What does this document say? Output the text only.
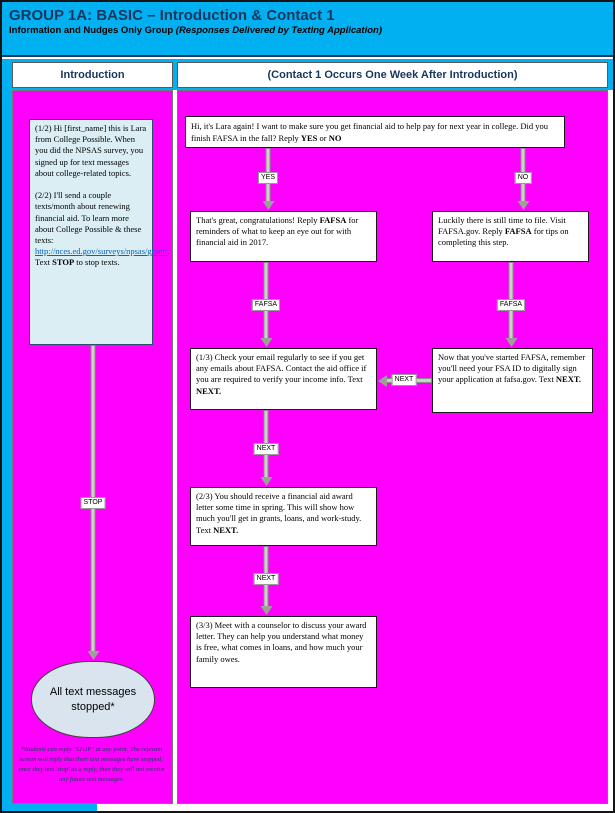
GROUP 1A: BASIC – Introduction & Contact 1
Information and Nudges Only Group (Responses Delivered by Texting Application)
Introduction	(Contact 1 Occurs One Week After Introduction)

(1/2) Hi [first_name] this is Lara from College Possible. When you did the NPSAS survey, you signed up for text messages about college-related topics.

(2/2) I'll send a couple texts/month about renewing financial aid. To learn more about College Possible & these texts: http://nces.ed.gov/surveys/npsas/grant/. Text STOP to stop texts.

STOP
All text messages stopped*
*Students can reply "STOP" at any point. The relevant screen will reply that their text messages have stopped; once they text 'stop' as a reply, then they will not receive any future text messages.
Hi, it's Lara again! I want to make sure you get financial aid to help pay for next year in college. Did you finish FAFSA in the fall? Reply YES or NO
YES	NO
That's great, congratulations! Reply FAFSA for reminders of what to keep an eye out for with financial aid in 2017.
Luckily there is still time to file. Visit FAFSA.gov. Reply FAFSA for tips on completing this step.
FAFSA	FAFSA
(1/3) Check your email regularly to see if you get any emails about FAFSA. Contact the aid office if you are required to verify your income info. Text NEXT.
Now that you've started FAFSA, remember you'll need your FSA ID to digitally sign your application at fafsa.gov. Text NEXT.
NEXT
NEXT
(2/3) You should receive a financial aid award letter some time in spring. This will show how much you'll get in grants, loans, and work-study. Text NEXT.
NEXT
(3/3) Meet with a counselor to discuss your award letter. They can help you understand what money is free, what comes in loans, and how much your family owes.
